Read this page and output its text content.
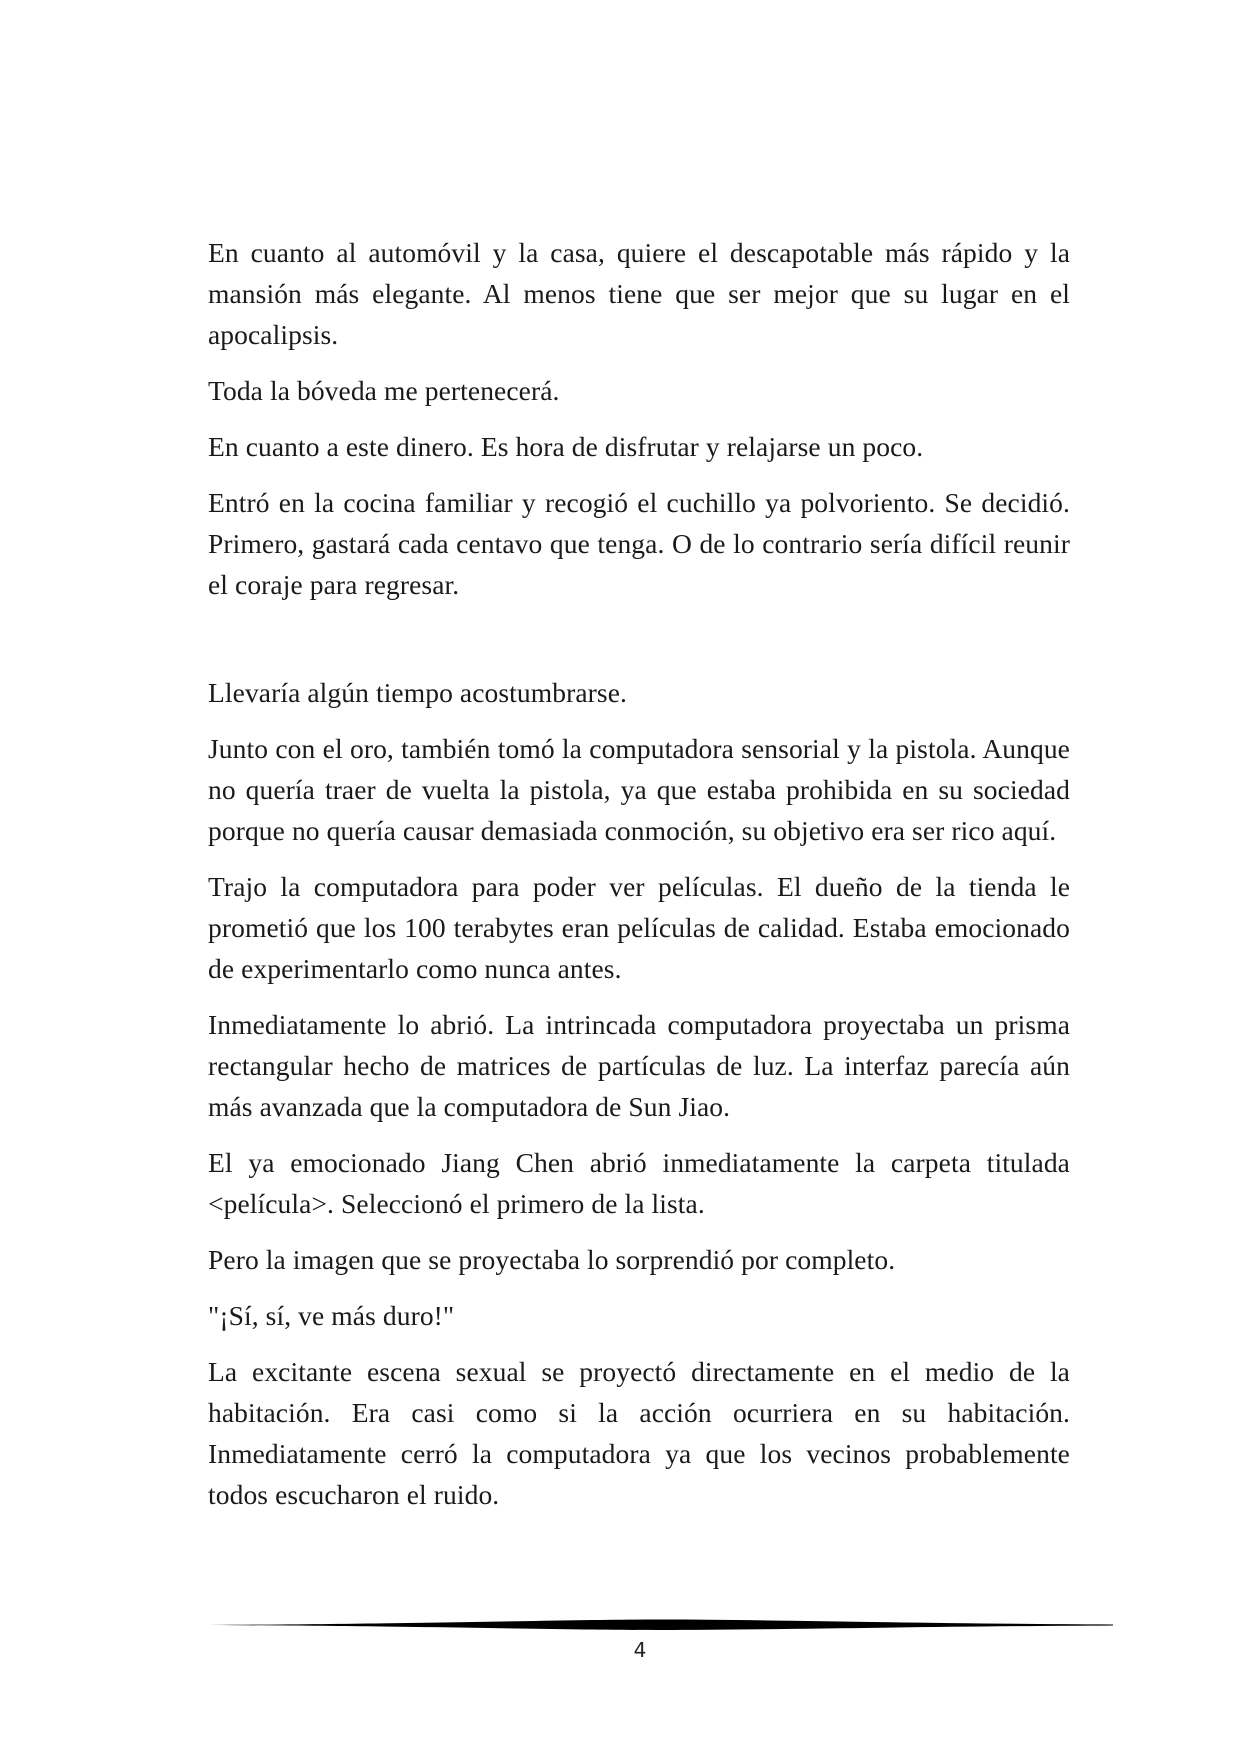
En cuanto al automóvil y la casa, quiere el descapotable más rápido y la mansión más elegante. Al menos tiene que ser mejor que su lugar en el apocalipsis.

Toda la bóveda me pertenecerá.

En cuanto a este dinero. Es hora de disfrutar y relajarse un poco.

Entró en la cocina familiar y recogió el cuchillo ya polvoriento. Se decidió. Primero, gastará cada centavo que tenga. O de lo contrario sería difícil reunir el coraje para regresar.

Llevaría algún tiempo acostumbrarse.

Junto con el oro, también tomó la computadora sensorial y la pistola. Aunque no quería traer de vuelta la pistola, ya que estaba prohibida en su sociedad porque no quería causar demasiada conmoción, su objetivo era ser rico aquí.

Trajo la computadora para poder ver películas. El dueño de la tienda le prometió que los 100 terabytes eran películas de calidad. Estaba emocionado de experimentarlo como nunca antes.

Inmediatamente lo abrió. La intrincada computadora proyectaba un prisma rectangular hecho de matrices de partículas de luz. La interfaz parecía aún más avanzada que la computadora de Sun Jiao.

El ya emocionado Jiang Chen abrió inmediatamente la carpeta titulada <película>. Seleccionó el primero de la lista.

Pero la imagen que se proyectaba lo sorprendió por completo.

"¡Sí, sí, ve más duro!"

La excitante escena sexual se proyectó directamente en el medio de la habitación. Era casi como si la acción ocurriera en su habitación. Inmediatamente cerró la computadora ya que los vecinos probablemente todos escucharon el ruido.

4
